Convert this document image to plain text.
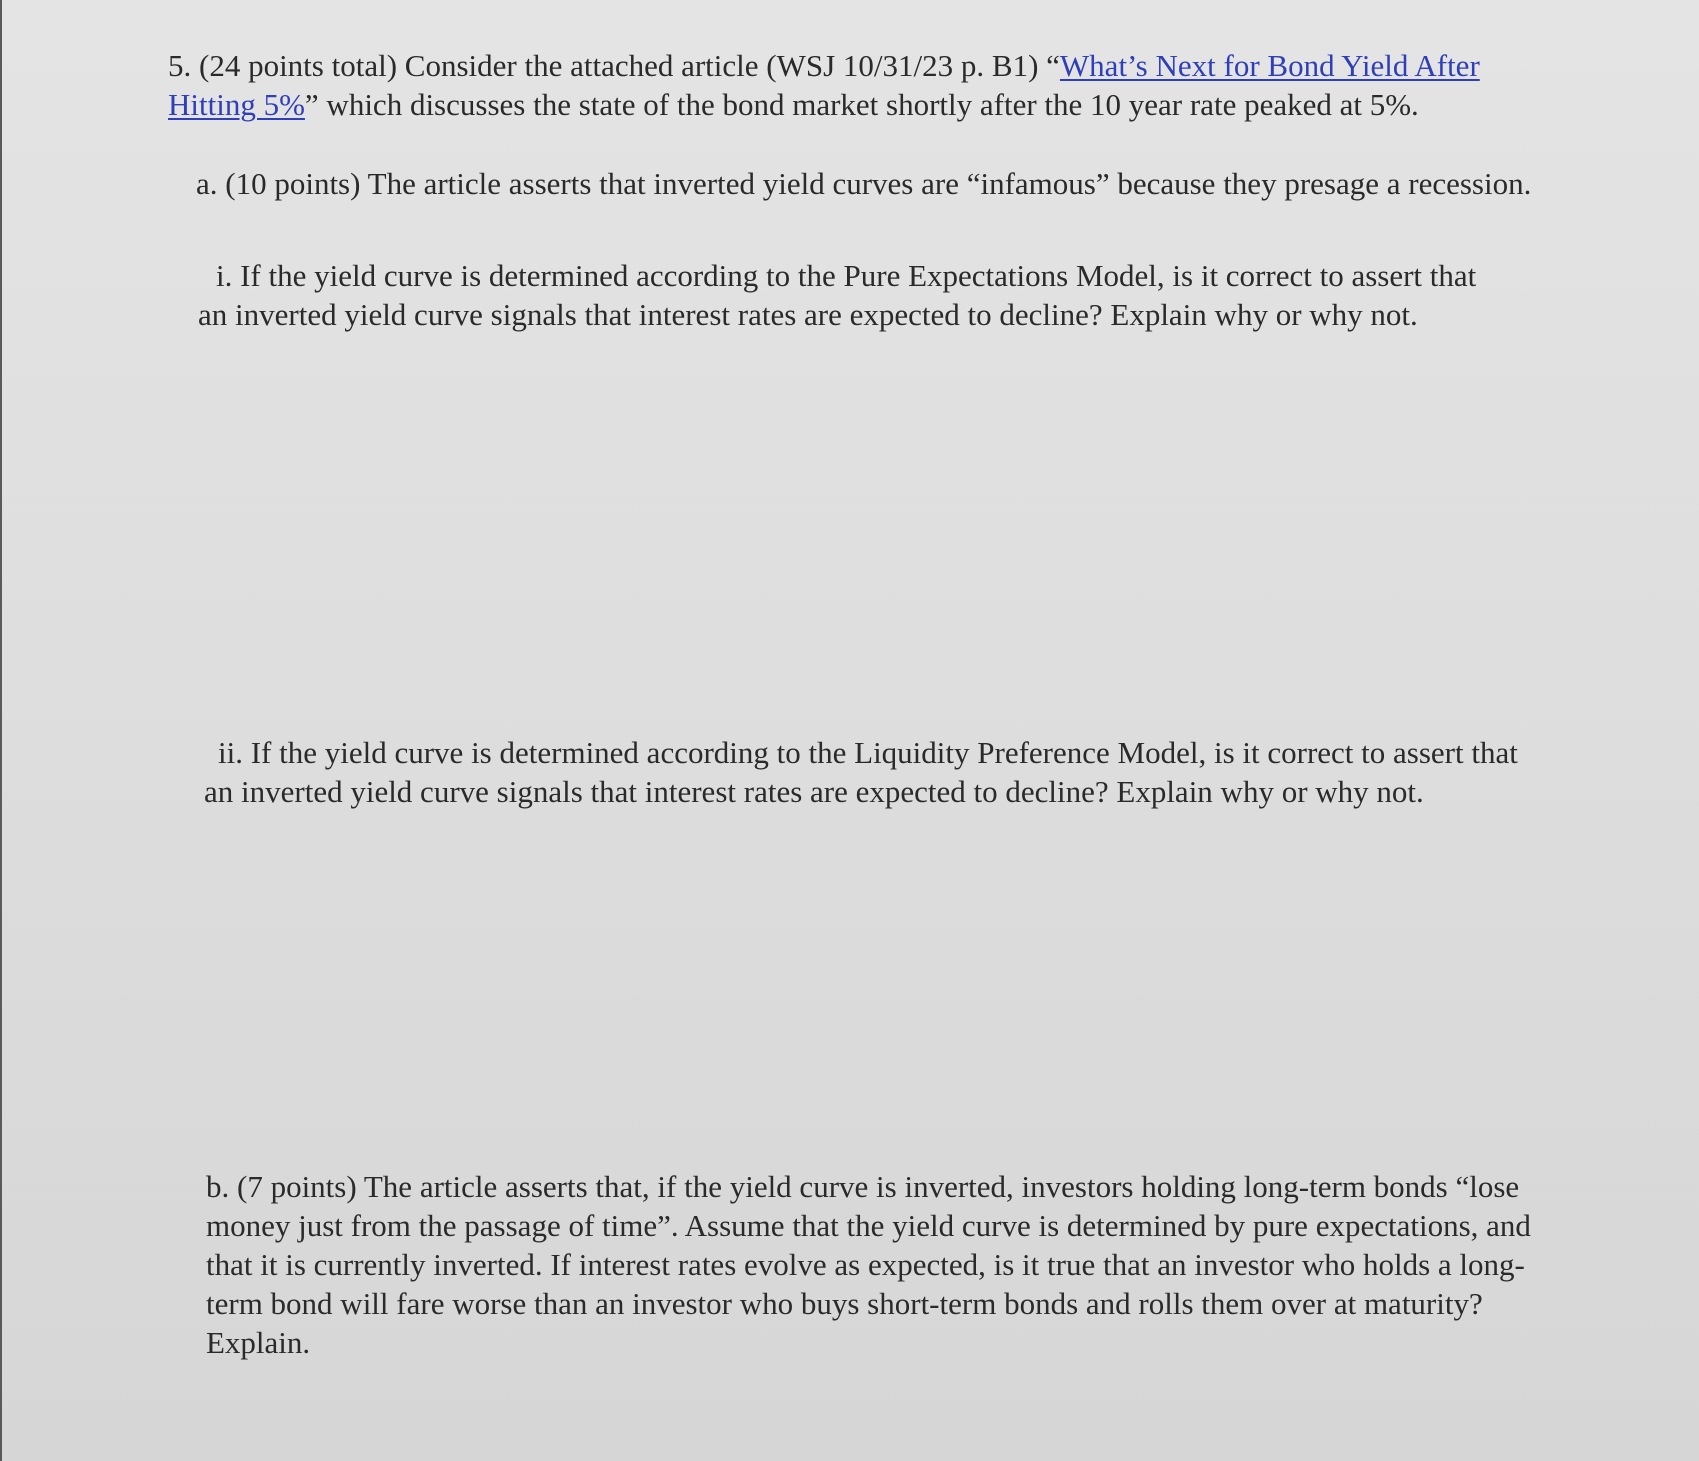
5. (24 points total) Consider the attached article (WSJ 10/31/23 p. B1) “What’s Next for Bond Yield After Hitting 5%” which discusses the state of the bond market shortly after the 10 year rate peaked at 5%.

a. (10 points) The article asserts that inverted yield curves are “infamous” because they presage a recession.

i. If the yield curve is determined according to the Pure Expectations Model, is it correct to assert that an inverted yield curve signals that interest rates are expected to decline? Explain why or why not.

ii. If the yield curve is determined according to the Liquidity Preference Model, is it correct to assert that an inverted yield curve signals that interest rates are expected to decline? Explain why or why not.

b. (7 points) The article asserts that, if the yield curve is inverted, investors holding long-term bonds “lose money just from the passage of time”. Assume that the yield curve is determined by pure expectations, and that it is currently inverted. If interest rates evolve as expected, is it true that an investor who holds a long-term bond will fare worse than an investor who buys short-term bonds and rolls them over at maturity? Explain.
